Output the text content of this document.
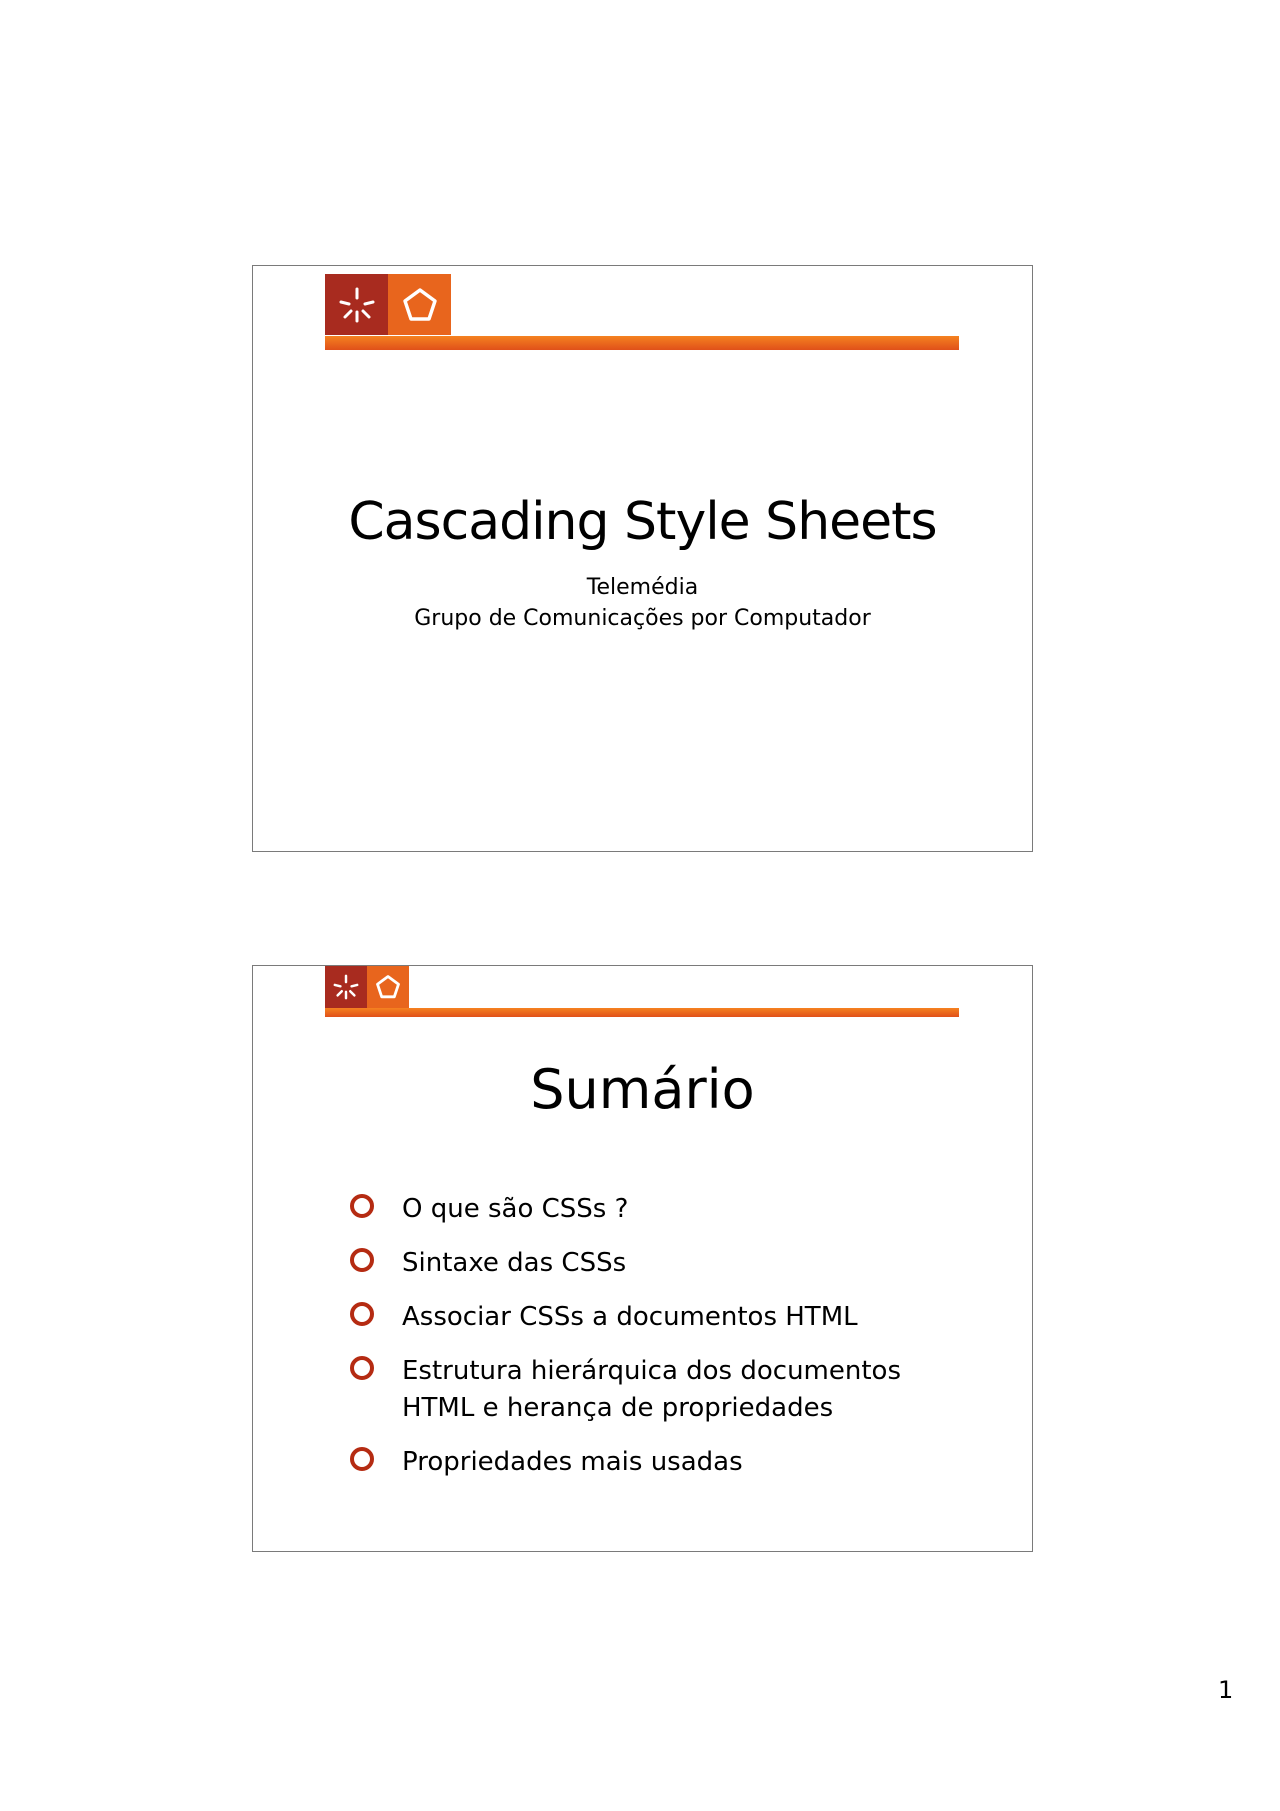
Cascading Style Sheets
Telemédia
Grupo de Comunicações por Computador
Sumário
O que são CSSs ?
Sintaxe das CSSs
Associar CSSs a documentos HTML
Estrutura hierárquica dos documentos HTML e herança de propriedades
Propriedades mais usadas
1
